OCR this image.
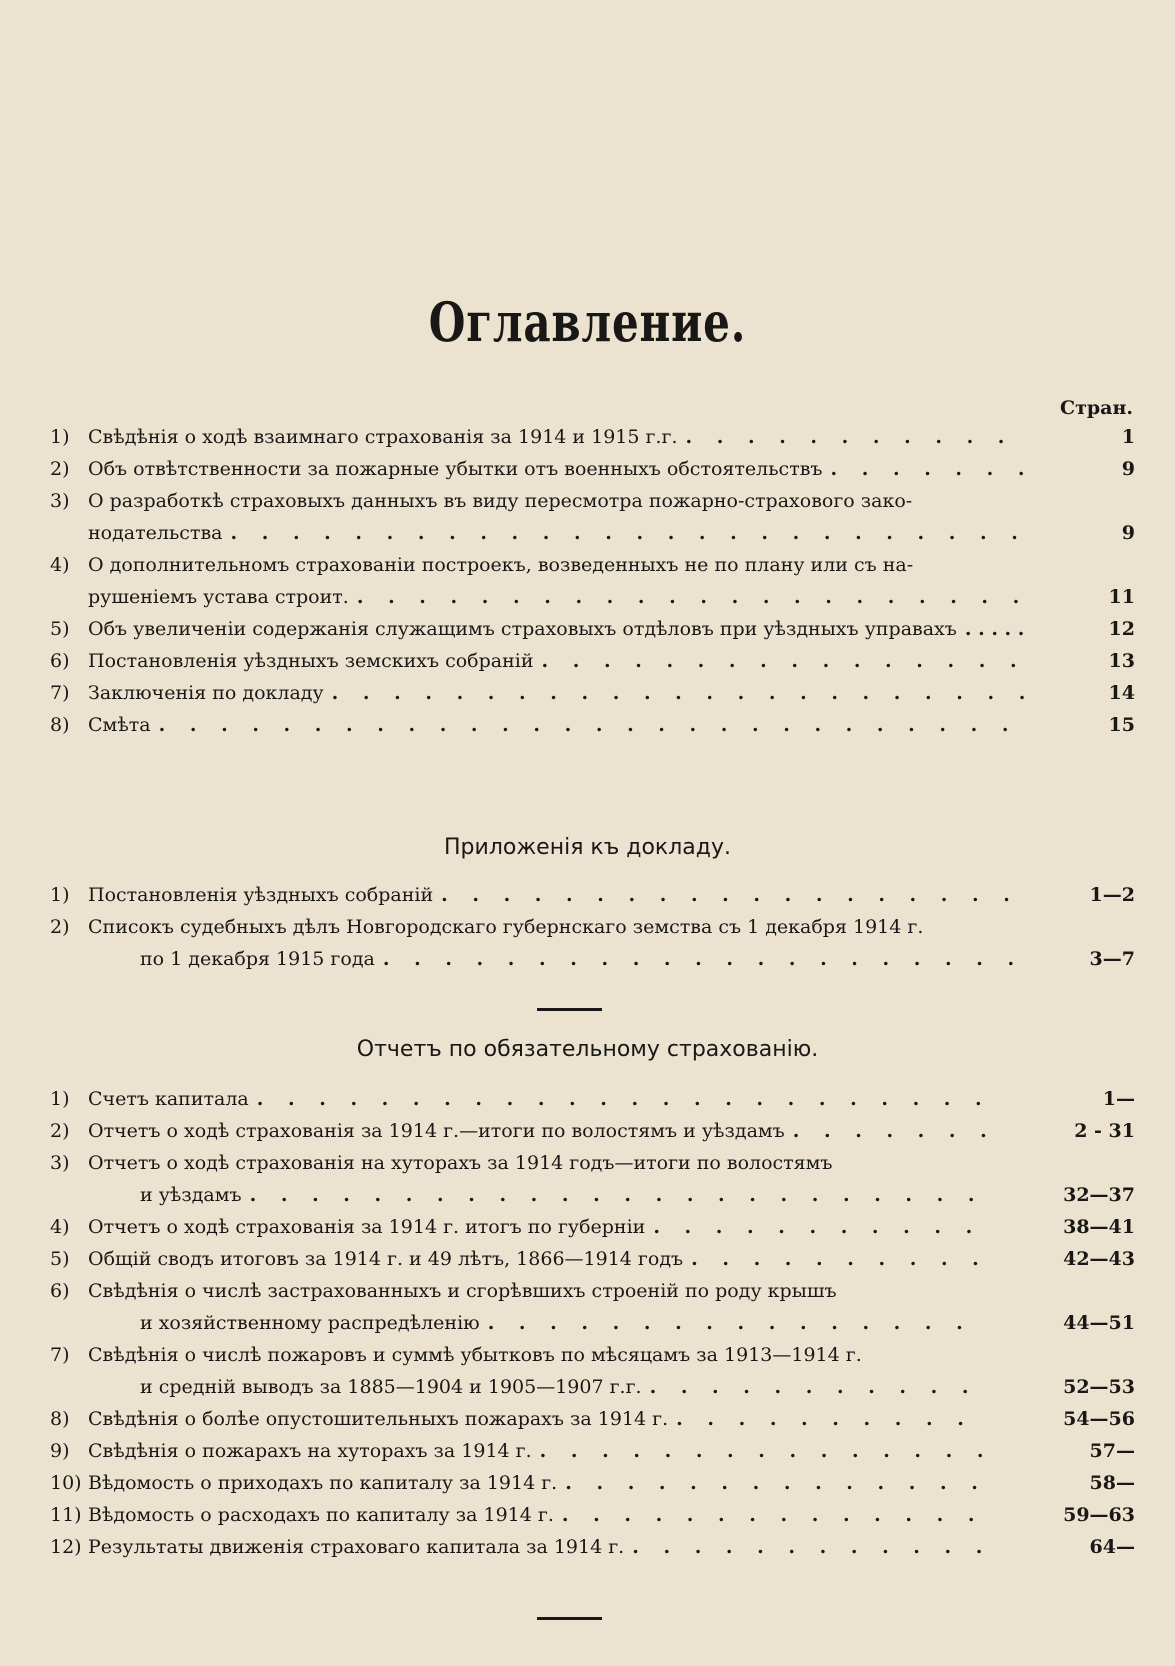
Оглавлениe.
Стран.
1) Свѣдѣнія о ходѣ взаимнаго страхованія за 1914 и 1915 г.г. . . .	1
2) Объ отвѣтственности за пожарные убытки отъ военныхъ обстоятельствъ . . .	9
3) О разработкѣ страховыхъ данныхъ въ виду пересмотра пожарно-страхового зако-
нодательства . . .	9
4) О дополнительномъ страхованіи построекъ, возведенныхъ не по плану или съ на-
рушеніемъ устава строит. . . .	11
5) Объ увеличеніи содержанія служащимъ страховыхъ отдѣловъ при уѣздныхъ управахъ . . .	12
6) Постановленія уѣздныхъ земскихъ собраній . . .	13
7) Заключенія по докладу . . .	14
8) Смѣта . . .	15
Приложенія къ докладу.
1) Постановленія уѣздныхъ собраній . . .	1—2
2) Списокъ судебныхъ дѣлъ Новгородскаго губернскаго земства съ 1 декабря 1914 г.
по 1 декабря 1915 года . . .	3—7
Отчетъ по обязательному страхованію.
1) Счетъ капитала . . .	1—
2) Отчетъ о ходѣ страхованія за 1914 г.—итоги по волостямъ и уѣздамъ . . .	2 - 31
3) Отчетъ о ходѣ страхованія на хуторахъ за 1914 годъ—итоги по волостямъ
и уѣздамъ . . .	32—37
4) Отчетъ о ходѣ страхованія за 1914 г. итогъ по губерніи . . .	38—41
5) Общій сводъ итоговъ за 1914 г. и 49 лѣтъ, 1866—1914 годъ . . .	42—43
6) Свѣдѣнія о числѣ застрахованныхъ и сгорѣвшихъ строеній по роду крышъ
и хозяйственному распредѣленію . . .	44—51
7) Свѣдѣнія о числѣ пожаровъ и суммѣ убытковъ по мѣсяцамъ за 1913—1914 г.
и средній выводъ за 1885—1904 и 1905—1907 г.г. . . .	52—53
8) Свѣдѣнія о болѣе опустошительныхъ пожарахъ за 1914 г. . . .	54—56
9) Свѣдѣнія о пожарахъ на хуторахъ за 1914 г. . . .	57—
10) Вѣдомость о приходахъ по капиталу за 1914 г. . . .	58—
11) Вѣдомость о расходахъ по капиталу за 1914 г. . . .	59—63
12) Результаты движенія страховаго капитала за 1914 г. . . .	64—
